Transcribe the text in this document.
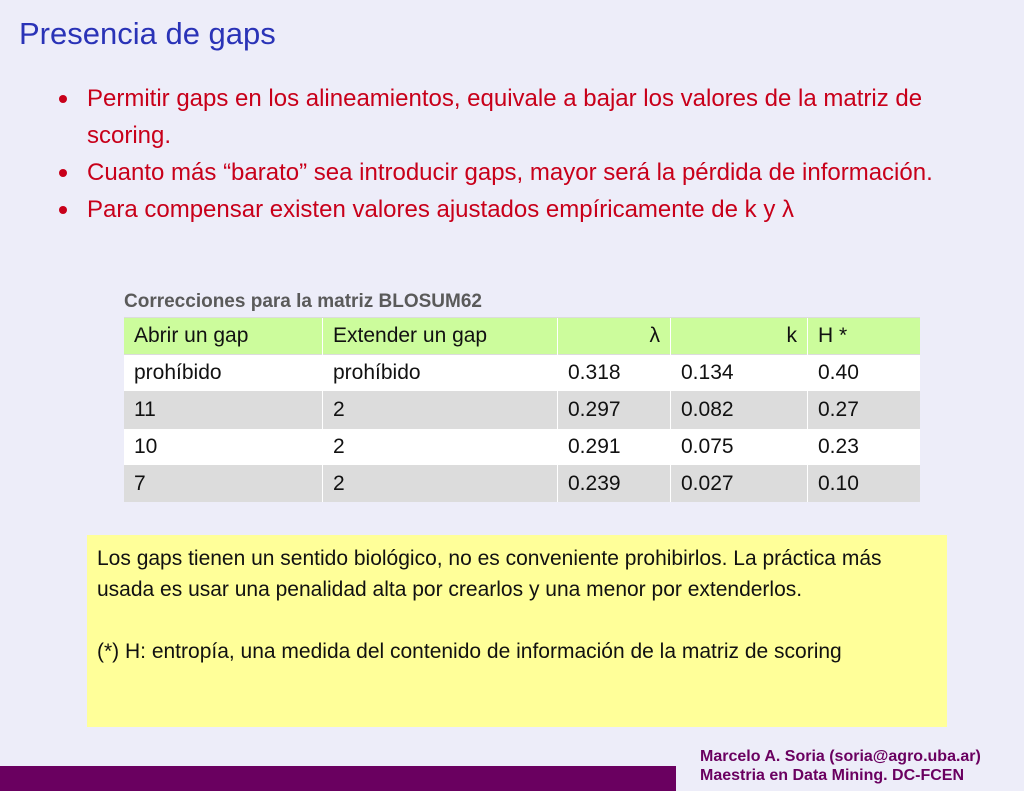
Presencia de gaps
Permitir gaps en los alineamientos, equivale a bajar los valores de la matriz de scoring.
Cuanto más “barato” sea introducir gaps, mayor será la pérdida de información.
Para compensar existen valores ajustados empíricamente de k y λ
Correcciones para la matriz BLOSUM62
Abrir un gap	Extender un gap	λ	k	H *
prohíbido	prohíbido	0.318	0.134	0.40
11	2	0.297	0.082	0.27
10	2	0.291	0.075	0.23
7	2	0.239	0.027	0.10

Los gaps tienen un sentido biológico, no es conveniente prohibirlos. La práctica más usada es usar una penalidad alta por crearlos y una menor por extenderlos.

(*) H: entropía, una medida del contenido de información de la matriz de scoring

Marcelo A. Soria (soria@agro.uba.ar)
Maestria en Data Mining. DC-FCEN
